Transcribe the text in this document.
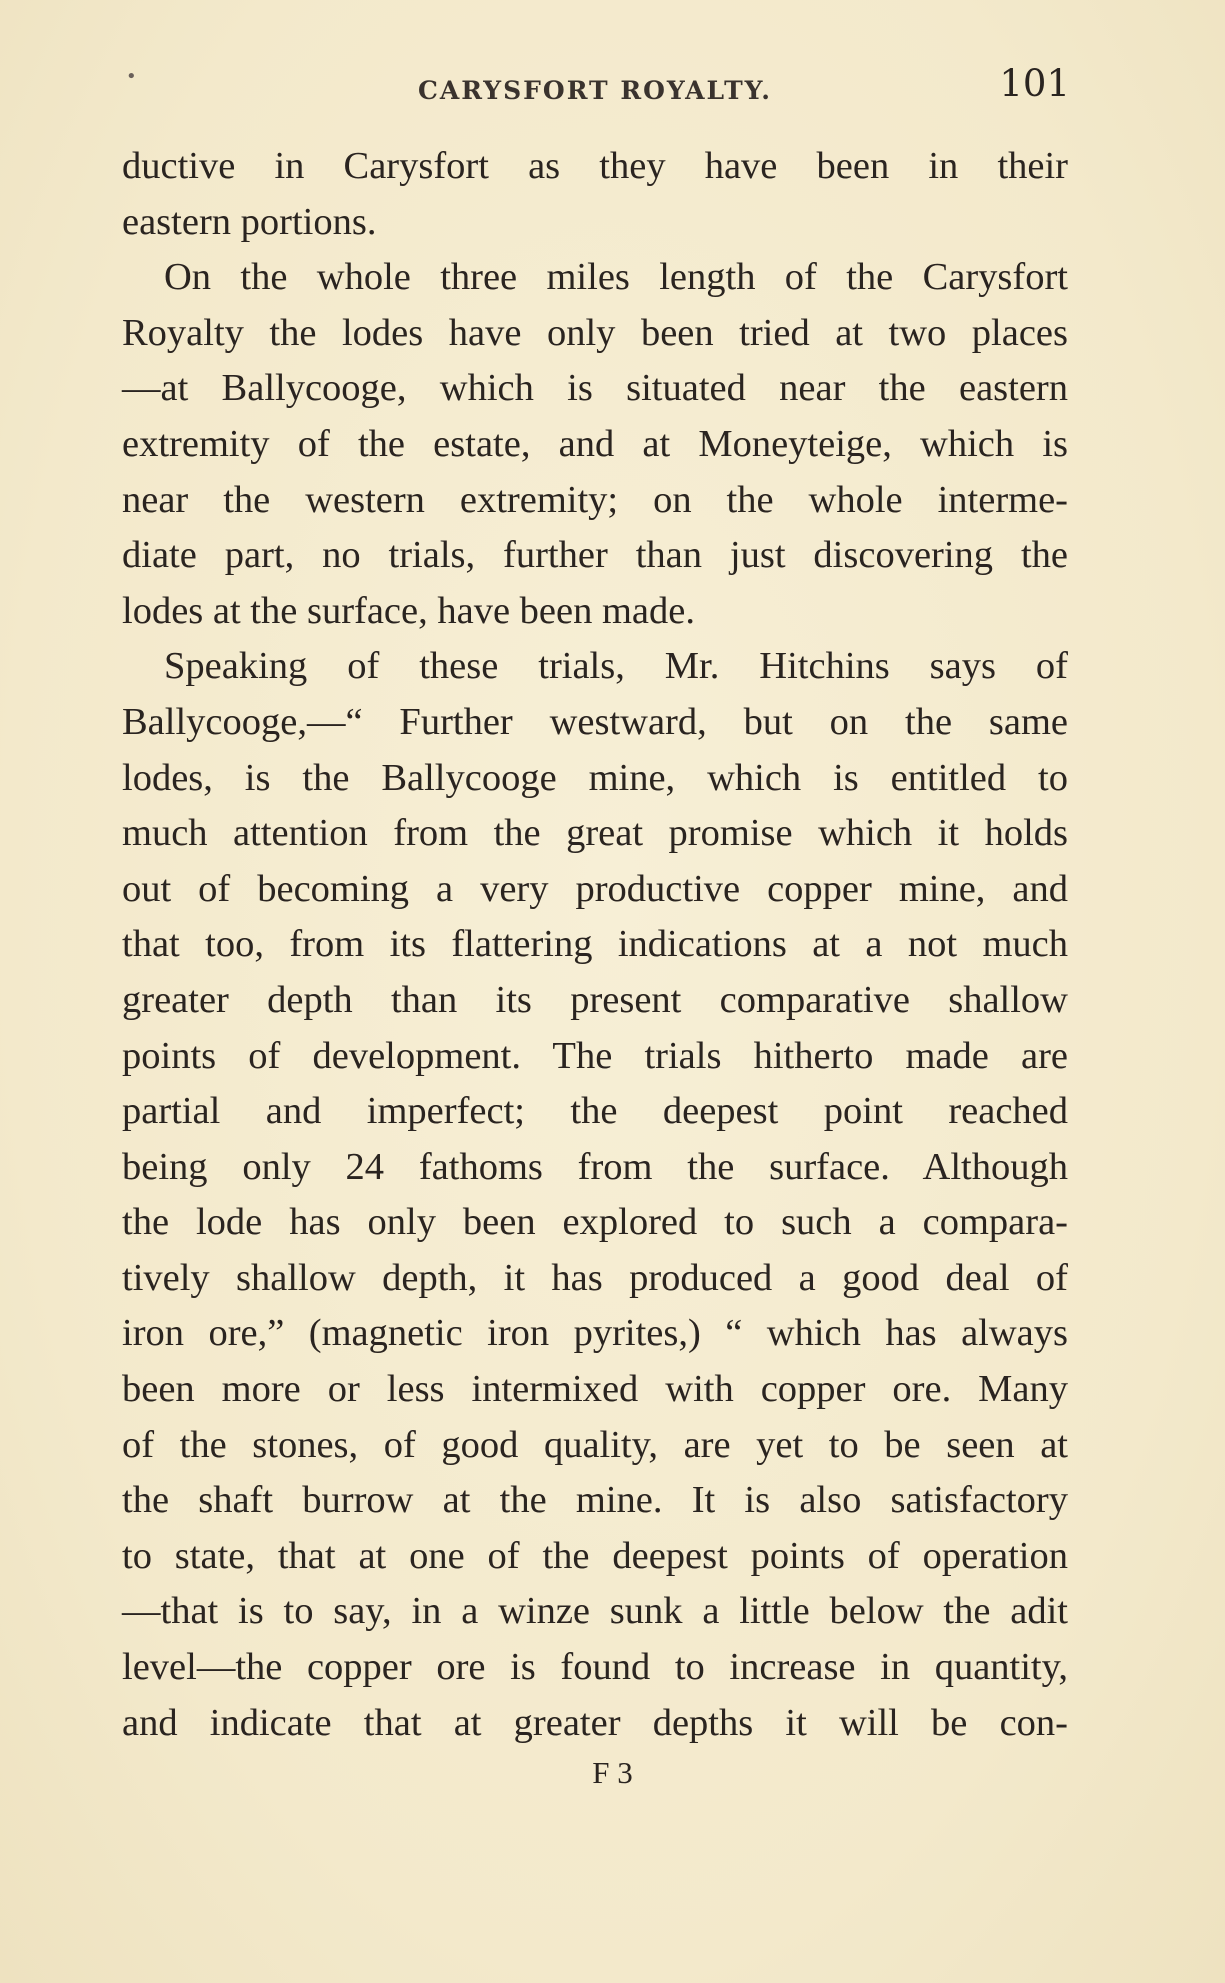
•	CARYSFORT ROYALTY.	101
ductive in Carysfort as they have been in their
eastern portions.
On the whole three miles length of the Carysfort
Royalty the lodes have only been tried at two places
—at Ballycooge, which is situated near the eastern
extremity of the estate, and at Moneyteige, which is
near the western extremity; on the whole interme-
diate part, no trials, further than just discovering the
lodes at the surface, have been made.
Speaking of these trials, Mr. Hitchins says of
Ballycooge,—“ Further westward, but on the same
lodes, is the Ballycooge mine, which is entitled to
much attention from the great promise which it holds
out of becoming a very productive copper mine, and
that too, from its flattering indications at a not much
greater depth than its present comparative shallow
points of development. The trials hitherto made are
partial and imperfect; the deepest point reached
being only 24 fathoms from the surface. Although
the lode has only been explored to such a compara-
tively shallow depth, it has produced a good deal of
iron ore,” (magnetic iron pyrites,) “ which has always
been more or less intermixed with copper ore. Many
of the stones, of good quality, are yet to be seen at
the shaft burrow at the mine. It is also satisfactory
to state, that at one of the deepest points of operation
—that is to say, in a winze sunk a little below the adit
level—the copper ore is found to increase in quantity,
and indicate that at greater depths it will be con-
F 3
